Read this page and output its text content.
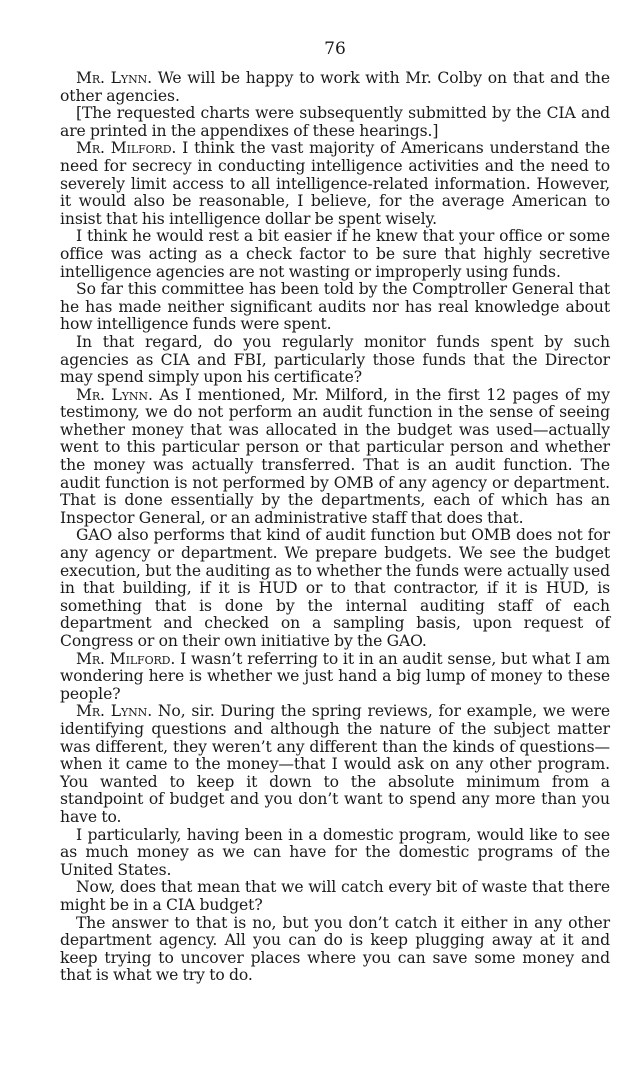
76

Mr. Lynn. We will be happy to work with Mr. Colby on that and the other agencies.

[The requested charts were subsequently submitted by the CIA and are printed in the appendixes of these hearings.]

Mr. Milford. I think the vast majority of Americans understand the need for secrecy in conducting intelligence activities and the need to severely limit access to all intelligence-related information. However, it would also be reasonable, I believe, for the average American to insist that his intelligence dollar be spent wisely.

I think he would rest a bit easier if he knew that your office or some office was acting as a check factor to be sure that highly secretive intelligence agencies are not wasting or improperly using funds.

So far this committee has been told by the Comptroller General that he has made neither significant audits nor has real knowledge about how intelligence funds were spent.

In that regard, do you regularly monitor funds spent by such agencies as CIA and FBI, particularly those funds that the Director may spend simply upon his certificate?

Mr. Lynn. As I mentioned, Mr. Milford, in the first 12 pages of my testimony, we do not perform an audit function in the sense of seeing whether money that was allocated in the budget was used—actually went to this particular person or that particular person and whether the money was actually transferred. That is an audit function. The audit function is not performed by OMB of any agency or department. That is done essentially by the departments, each of which has an Inspector General, or an administrative staff that does that.

GAO also performs that kind of audit function but OMB does not for any agency or department. We prepare budgets. We see the budget execution, but the auditing as to whether the funds were actually used in that building, if it is HUD or to that contractor, if it is HUD, is something that is done by the internal auditing staff of each department and checked on a sampling basis, upon request of Congress or on their own initiative by the GAO.

Mr. Milford. I wasn’t referring to it in an audit sense, but what I am wondering here is whether we just hand a big lump of money to these people?

Mr. Lynn. No, sir. During the spring reviews, for example, we were identifying questions and although the nature of the subject matter was different, they weren’t any different than the kinds of questions—when it came to the money—that I would ask on any other program. You wanted to keep it down to the absolute minimum from a standpoint of budget and you don’t want to spend any more than you have to.

I particularly, having been in a domestic program, would like to see as much money as we can have for the domestic programs of the United States.

Now, does that mean that we will catch every bit of waste that there might be in a CIA budget?

The answer to that is no, but you don’t catch it either in any other department agency. All you can do is keep plugging away at it and keep trying to uncover places where you can save some money and that is what we try to do.
